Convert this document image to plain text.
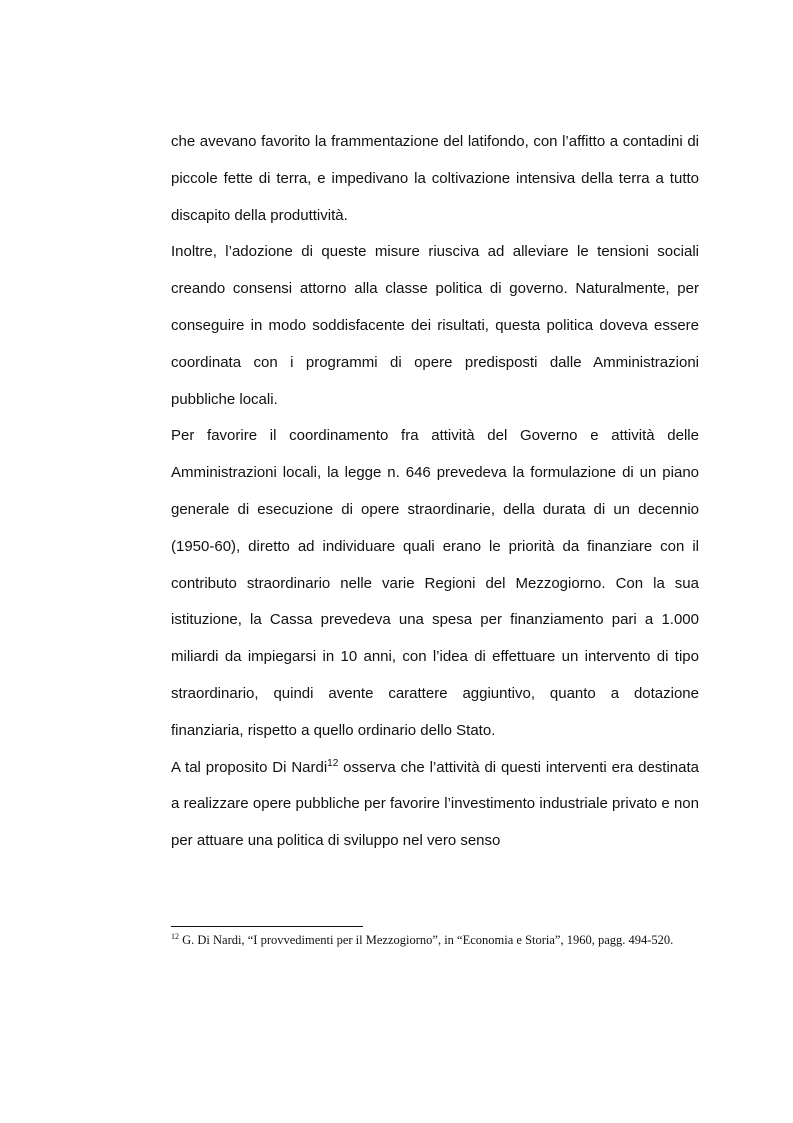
che avevano favorito la frammentazione del latifondo, con l’affitto a contadini di piccole fette di terra, e impedivano la coltivazione intensiva della terra a tutto discapito della produttività.

Inoltre, l’adozione di queste misure riusciva ad alleviare le tensioni sociali creando consensi attorno alla classe politica di governo. Naturalmente, per conseguire in modo soddisfacente dei risultati, questa politica doveva essere coordinata con i programmi di opere predisposti dalle Amministrazioni pubbliche locali.

Per favorire il coordinamento fra attività del Governo e attività delle Amministrazioni locali, la legge n. 646 prevedeva la formulazione di un piano generale di esecuzione di opere straordinarie, della durata di un decennio (1950-60), diretto ad individuare quali erano le priorità da finanziare con il contributo straordinario nelle varie Regioni del Mezzogiorno. Con la sua istituzione, la Cassa prevedeva una spesa per finanziamento pari a 1.000 miliardi da impiegarsi in 10 anni, con l’idea di effettuare un intervento di tipo straordinario, quindi avente carattere aggiuntivo, quanto a dotazione finanziaria, rispetto a quello ordinario dello Stato.

A tal proposito Di Nardi$^{12}$ osserva che l’attività di questi interventi era destinata a realizzare opere pubbliche per favorire l’investimento industriale privato e non per attuare una politica di sviluppo nel vero senso

$^{12}$ G. Di Nardi, “I provvedimenti per il Mezzogiorno”, in “Economia e Storia”, 1960, pagg. 494-520.
